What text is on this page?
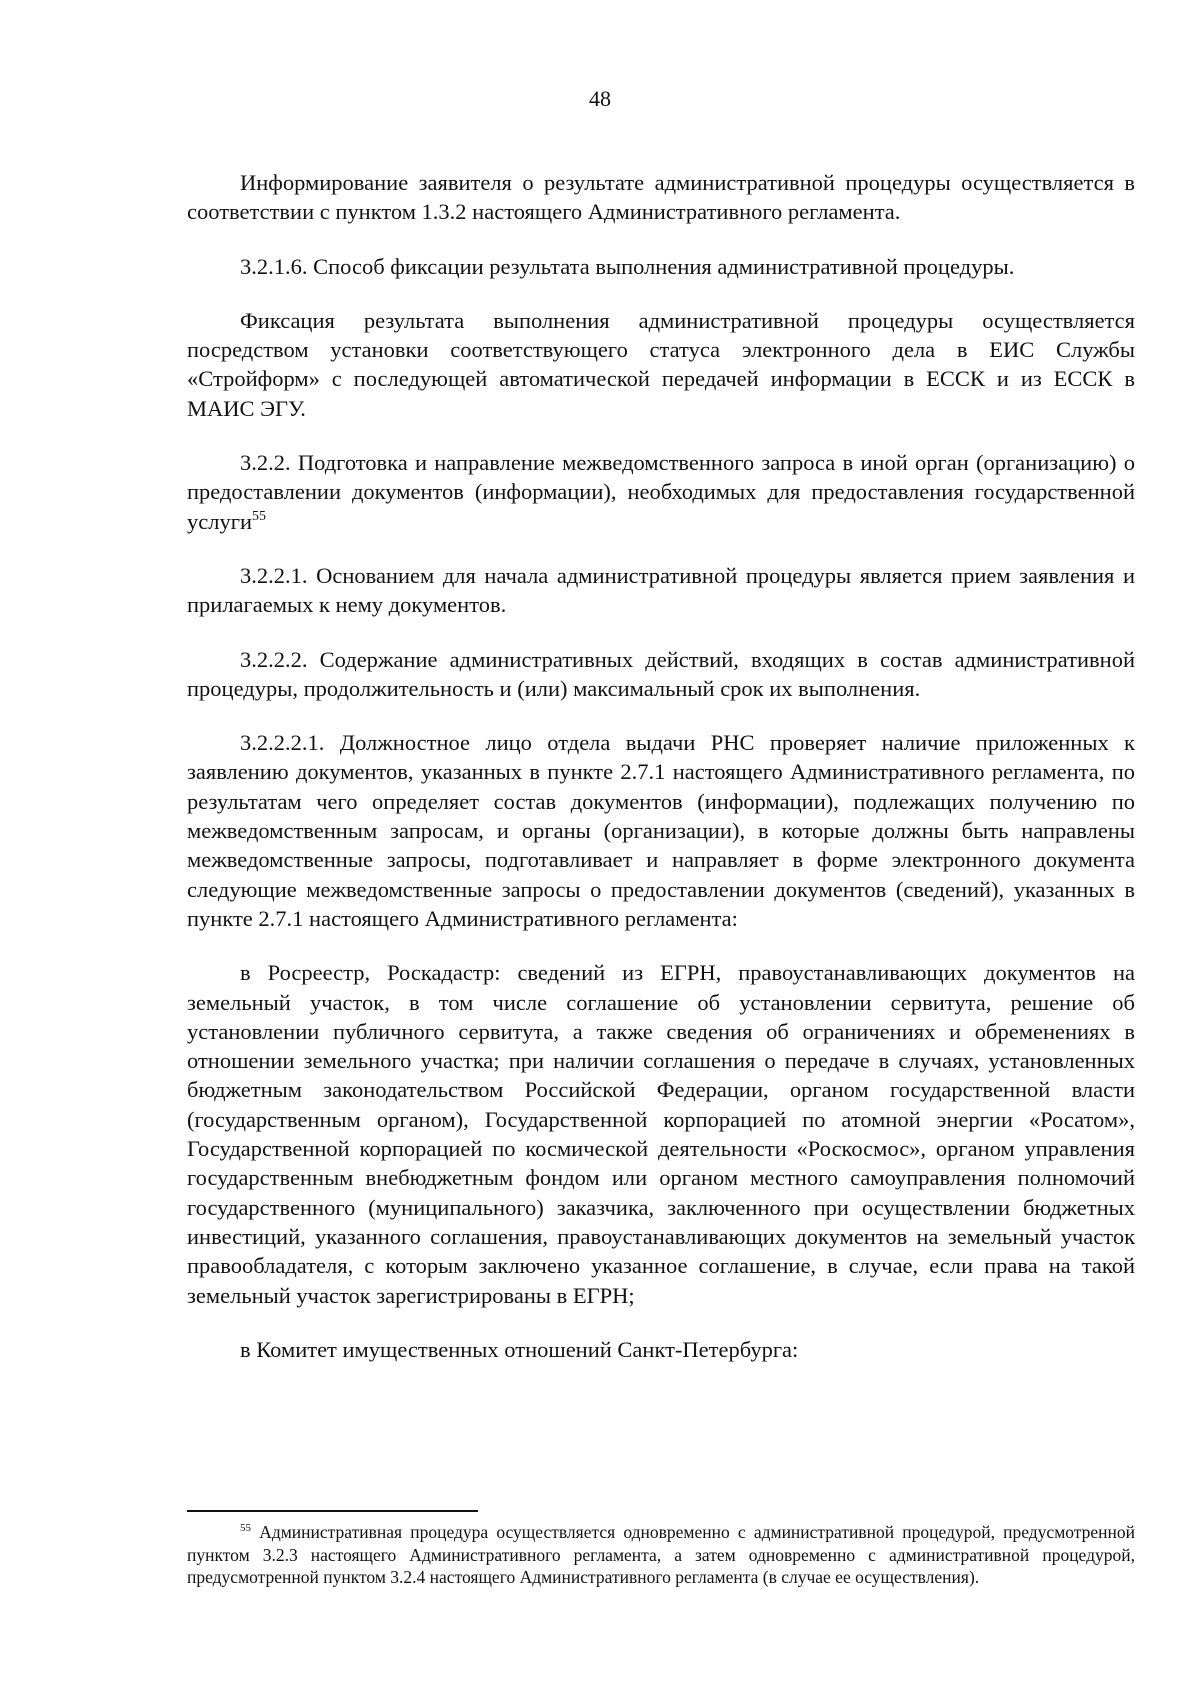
48

Информирование заявителя о результате административной процедуры осуществляется в соответствии с пунктом 1.3.2 настоящего Административного регламента.

3.2.1.6. Способ фиксации результата выполнения административной процедуры.

Фиксация результата выполнения административной процедуры осуществляется посредством установки соответствующего статуса электронного дела в ЕИС Службы «Стройформ» с последующей автоматической передачей информации в ЕССК и из ЕССК в МАИС ЭГУ.

3.2.2. Подготовка и направление межведомственного запроса в иной орган (организацию) о предоставлении документов (информации), необходимых для предоставления государственной услуги$^{55}$

3.2.2.1. Основанием для начала административной процедуры является прием заявления и прилагаемых к нему документов.

3.2.2.2. Содержание административных действий, входящих в состав административной процедуры, продолжительность и (или) максимальный срок их выполнения.

3.2.2.2.1. Должностное лицо отдела выдачи РНС проверяет наличие приложенных к заявлению документов, указанных в пункте 2.7.1 настоящего Административного регламента, по результатам чего определяет состав документов (информации), подлежащих получению по межведомственным запросам, и органы (организации), в которые должны быть направлены межведомственные запросы, подготавливает и направляет в форме электронного документа следующие межведомственные запросы о предоставлении документов (сведений), указанных в пункте 2.7.1 настоящего Административного регламента:

в Росреестр, Роскадастр: сведений из ЕГРН, правоустанавливающих документов на земельный участок, в том числе соглашение об установлении сервитута, решение об установлении публичного сервитута, а также сведения об ограничениях и обременениях в отношении земельного участка; при наличии соглашения о передаче в случаях, установленных бюджетным законодательством Российской Федерации, органом государственной власти (государственным органом), Государственной корпорацией по атомной энергии «Росатом», Государственной корпорацией по космической деятельности «Роскосмос», органом управления государственным внебюджетным фондом или органом местного самоуправления полномочий государственного (муниципального) заказчика, заключенного при осуществлении бюджетных инвестиций, указанного соглашения, правоустанавливающих документов на земельный участок правообладателя, с которым заключено указанное соглашение, в случае, если права на такой земельный участок зарегистрированы в ЕГРН;

в Комитет имущественных отношений Санкт-Петербурга:

$^{55}$ Административная процедура осуществляется одновременно с административной процедурой, предусмотренной пунктом 3.2.3 настоящего Административного регламента, а затем одновременно с административной процедурой, предусмотренной пунктом 3.2.4 настоящего Административного регламента (в случае ее осуществления).
